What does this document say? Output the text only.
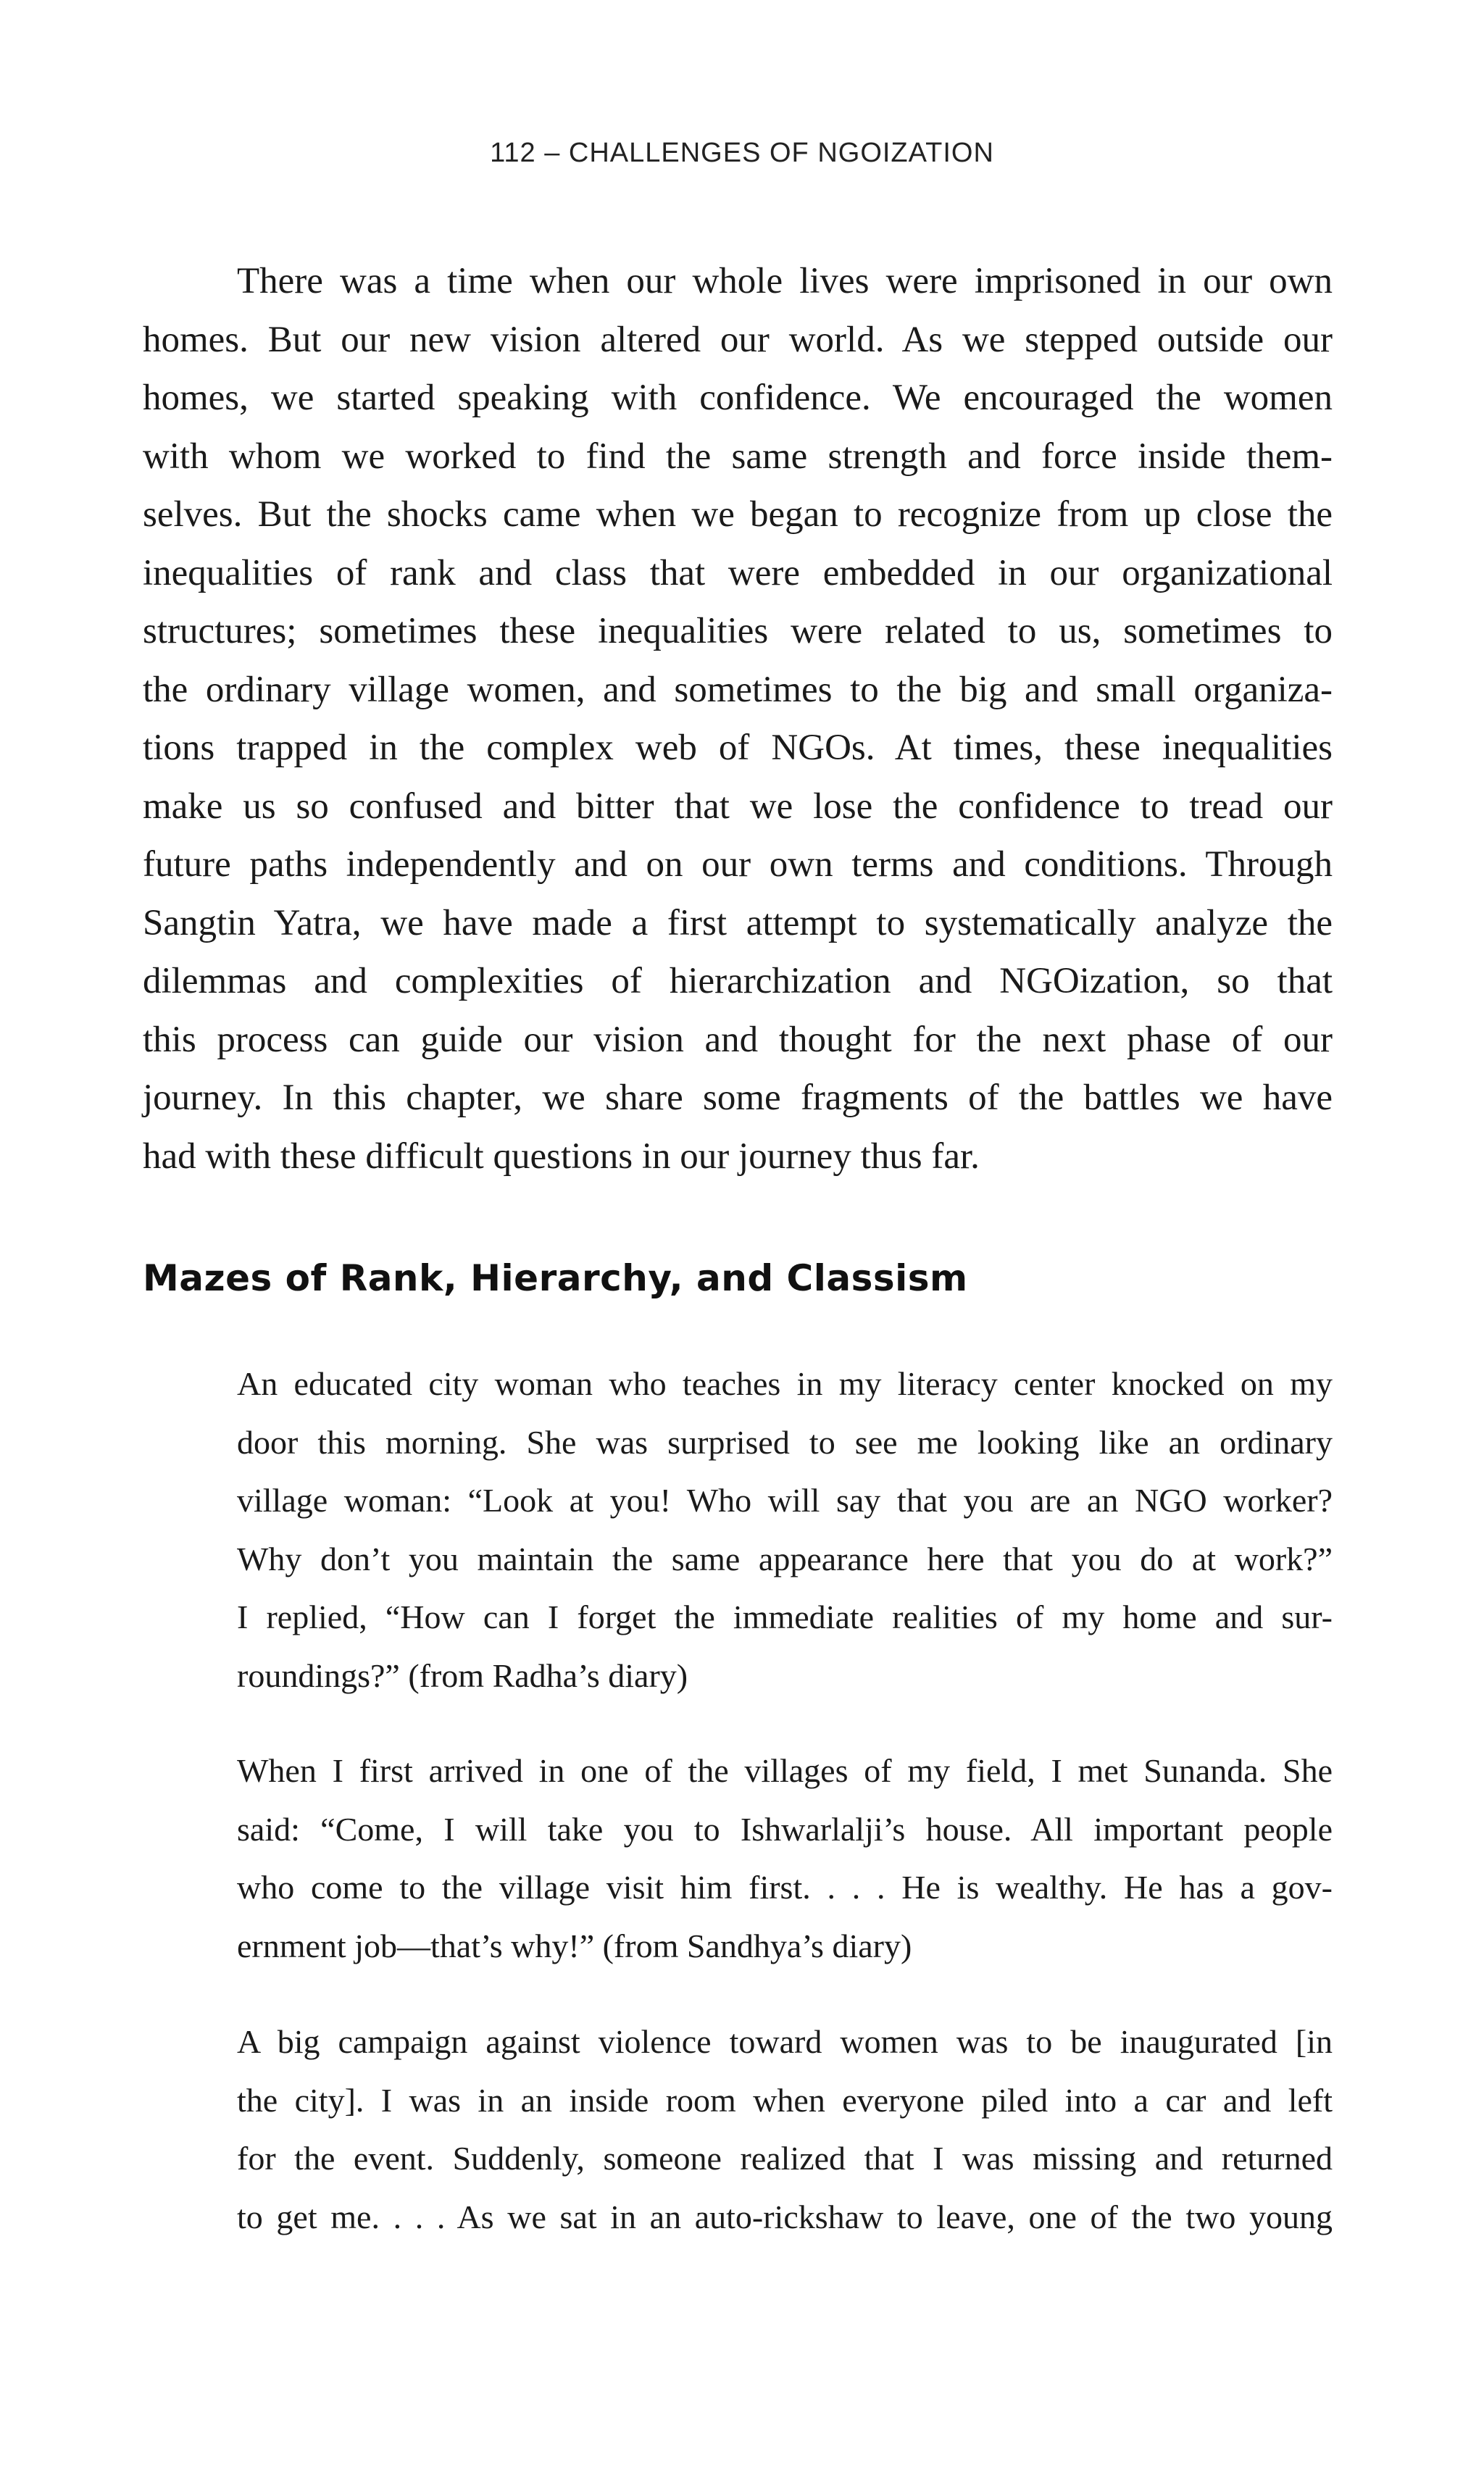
112 – CHALLENGES OF NGOIZATION
There was a time when our whole lives were imprisoned in our own
homes. But our new vision altered our world. As we stepped outside our
homes, we started speaking with confidence. We encouraged the women
with whom we worked to find the same strength and force inside them-
selves. But the shocks came when we began to recognize from up close the
inequalities of rank and class that were embedded in our organizational
structures; sometimes these inequalities were related to us, sometimes to
the ordinary village women, and sometimes to the big and small organiza-
tions trapped in the complex web of NGOs. At times, these inequalities
make us so confused and bitter that we lose the confidence to tread our
future paths independently and on our own terms and conditions. Through
Sangtin Yatra, we have made a first attempt to systematically analyze the
dilemmas and complexities of hierarchization and NGOization, so that
this process can guide our vision and thought for the next phase of our
journey. In this chapter, we share some fragments of the battles we have
had with these difficult questions in our journey thus far.
Mazes of Rank, Hierarchy, and Classism
An educated city woman who teaches in my literacy center knocked on my
door this morning. She was surprised to see me looking like an ordinary
village woman: “Look at you! Who will say that you are an NGO worker?
Why don’t you maintain the same appearance here that you do at work?”
I replied, “How can I forget the immediate realities of my home and sur-
roundings?” (from Radha’s diary)
When I first arrived in one of the villages of my field, I met Sunanda. She
said: “Come, I will take you to Ishwarlalji’s house. All important people
who come to the village visit him first. . . . He is wealthy. He has a gov-
ernment job—that’s why!” (from Sandhya’s diary)
A big campaign against violence toward women was to be inaugurated [in
the city]. I was in an inside room when everyone piled into a car and left
for the event. Suddenly, someone realized that I was missing and returned
to get me. . . . As we sat in an auto-rickshaw to leave, one of the two young
